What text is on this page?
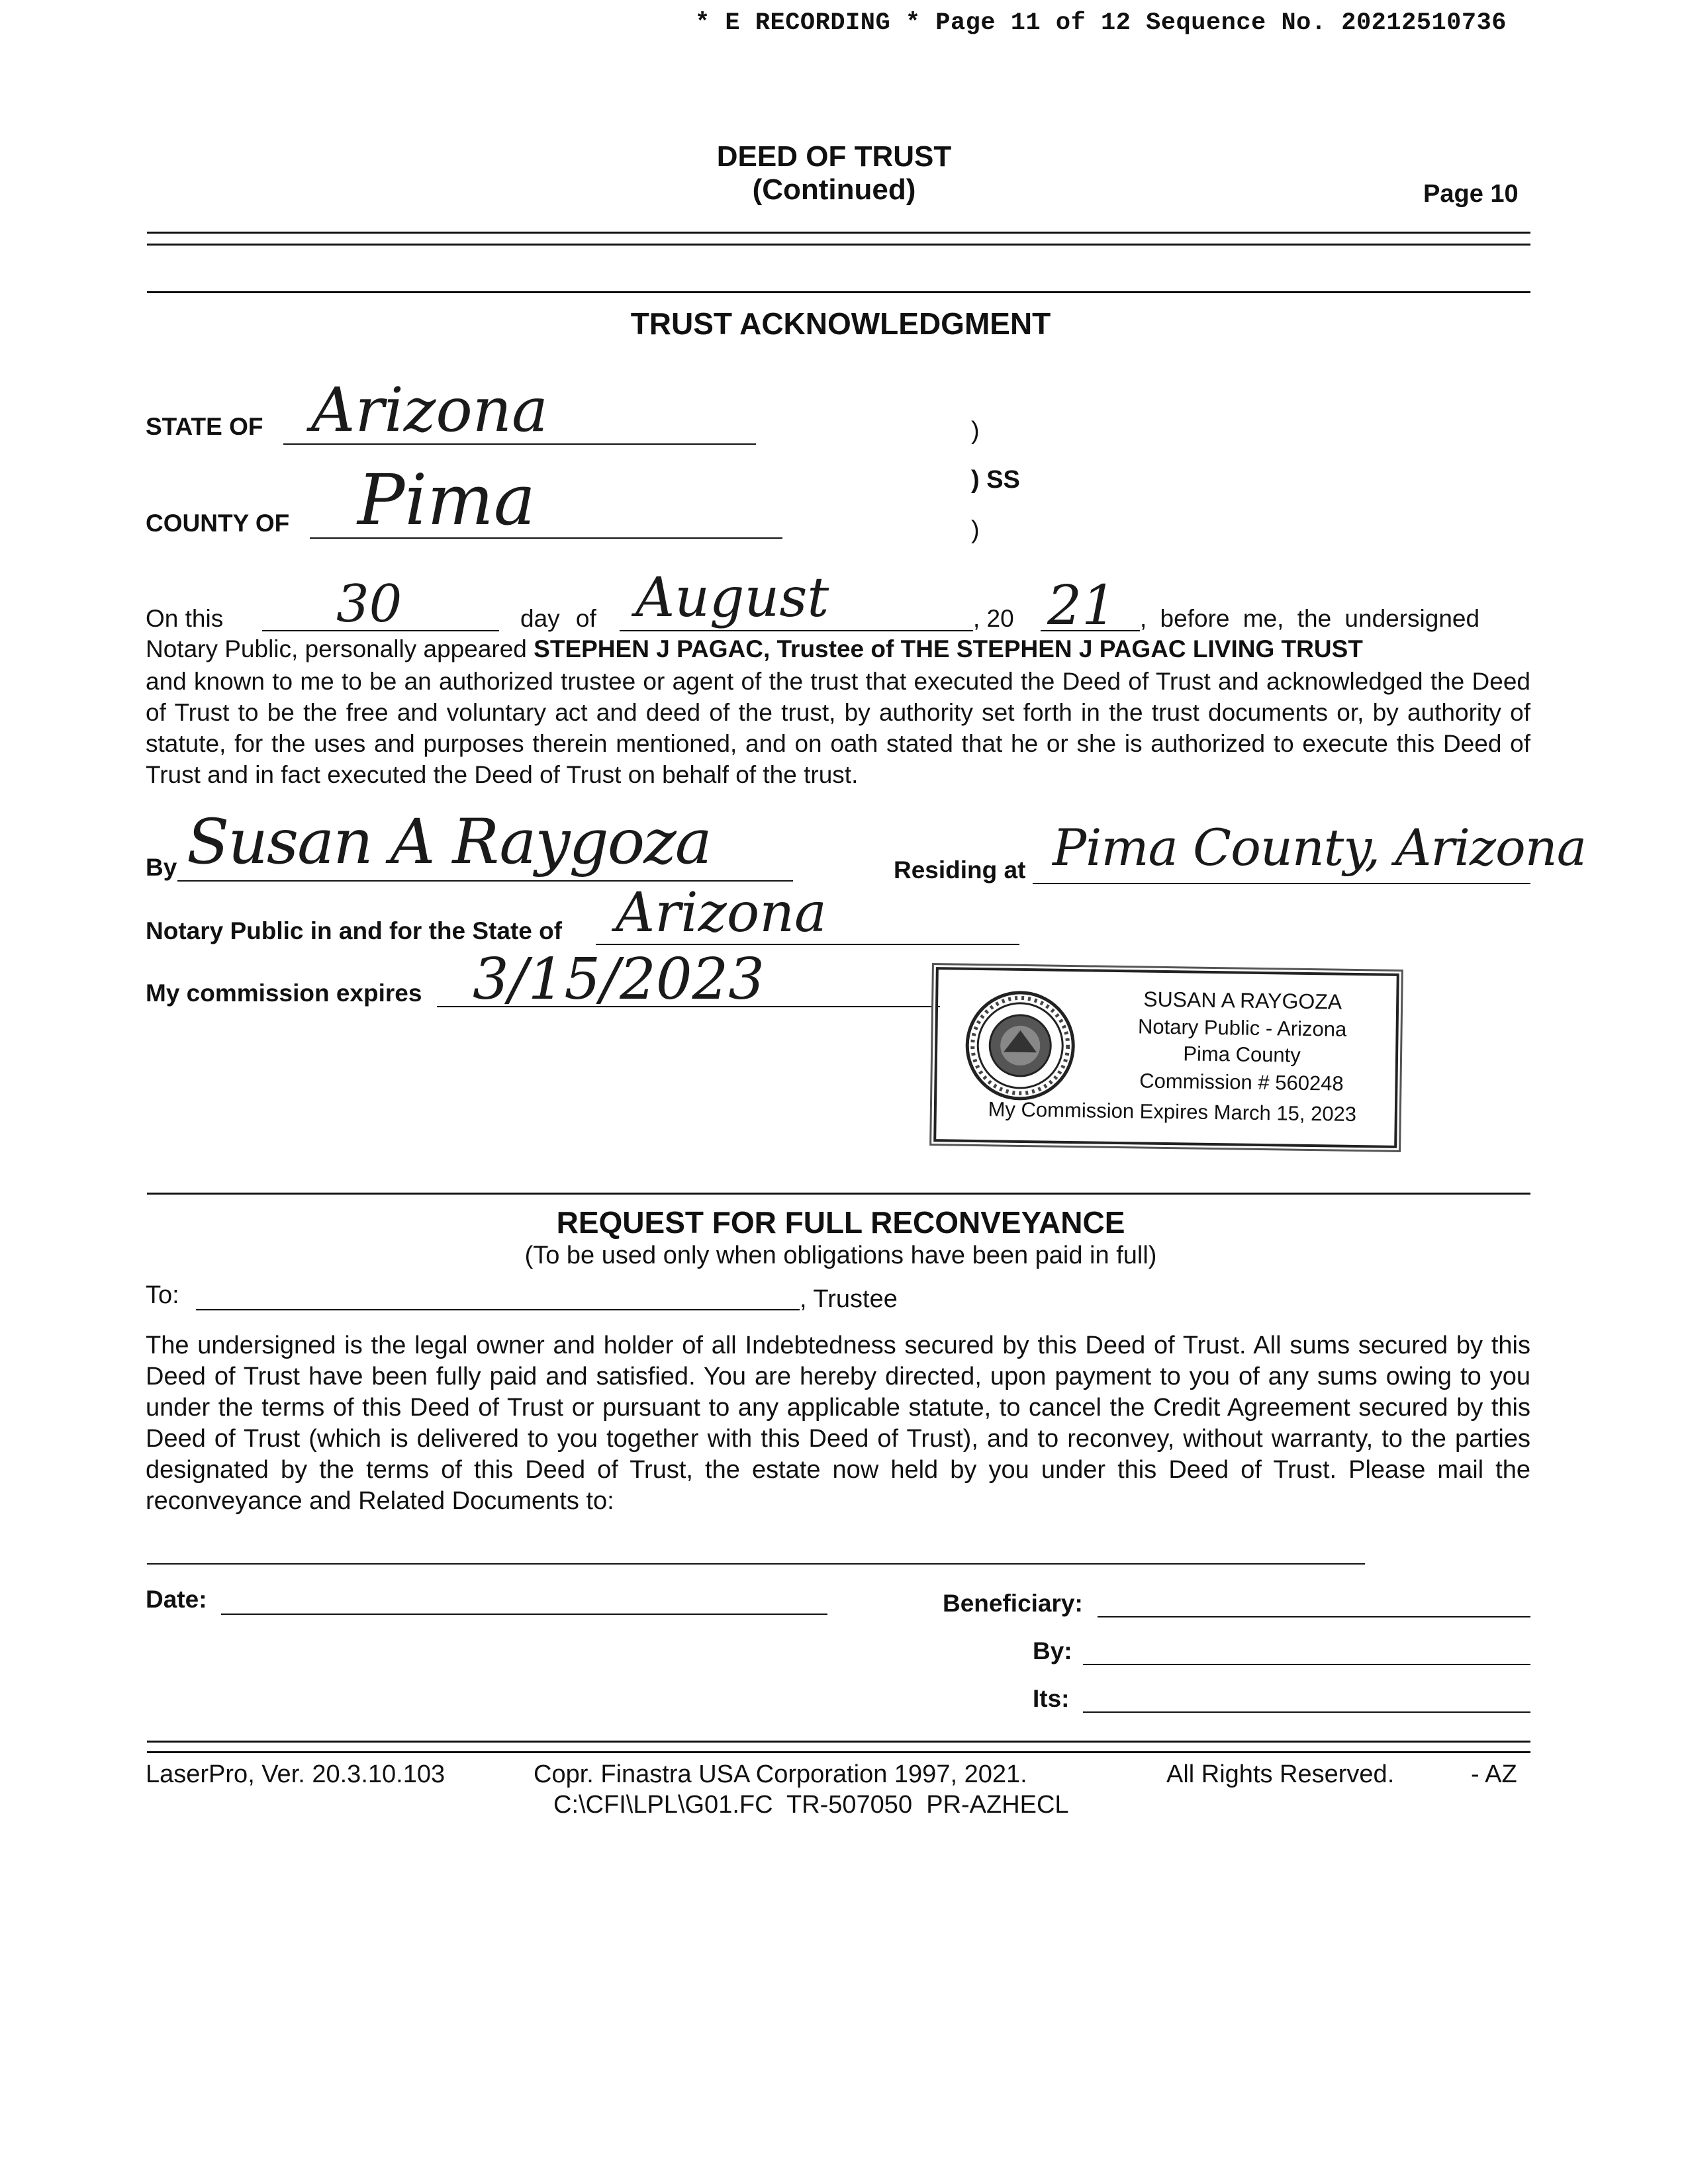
* E RECORDING * Page 11 of 12 Sequence No. 20212510736
DEED OF TRUST
(Continued)	Page 10
TRUST ACKNOWLEDGMENT
STATE OF Arizona
COUNTY OF Pima
)
) SS
)
On this 30	day of August	, 20 21 , before me, the undersigned
Notary Public, personally appeared STEPHEN J PAGAC, Trustee of THE STEPHEN J PAGAC LIVING TRUST
and known to me to be an authorized trustee or agent of the trust that executed the Deed of Trust and acknowledged the Deed of Trust to be the free and voluntary act and deed of the trust, by authority set forth in the trust documents or, by authority of statute, for the uses and purposes therein mentioned, and on oath stated that he or she is authorized to execute this Deed of Trust and in fact executed the Deed of Trust on behalf of the trust.
By Susan A Raygoza	Residing at Pima County, Arizona
Notary Public in and for the State of Arizona
My commission expires 3/15/2023	SUSAN A RAYGOZA
Notary Public - Arizona
Pima County
Commission # 560248
My Commission Expires March 15, 2023
REQUEST FOR FULL RECONVEYANCE
(To be used only when obligations have been paid in full)
To:	, Trustee
The undersigned is the legal owner and holder of all Indebtedness secured by this Deed of Trust. All sums secured by this Deed of Trust have been fully paid and satisfied. You are hereby directed, upon payment to you of any sums owing to you under the terms of this Deed of Trust or pursuant to any applicable statute, to cancel the Credit Agreement secured by this Deed of Trust (which is delivered to you together with this Deed of Trust), and to reconvey, without warranty, to the parties designated by the terms of this Deed of Trust, the estate now held by you under this Deed of Trust. Please mail the reconveyance and Related Documents to:
Date:	Beneficiary:
By:
Its:
LaserPro, Ver. 20.3.10.103	Copr. Finastra USA Corporation 1997, 2021.	All Rights Reserved.	- AZ
C:\CFI\LPL\G01.FC  TR-507050  PR-AZHECL
